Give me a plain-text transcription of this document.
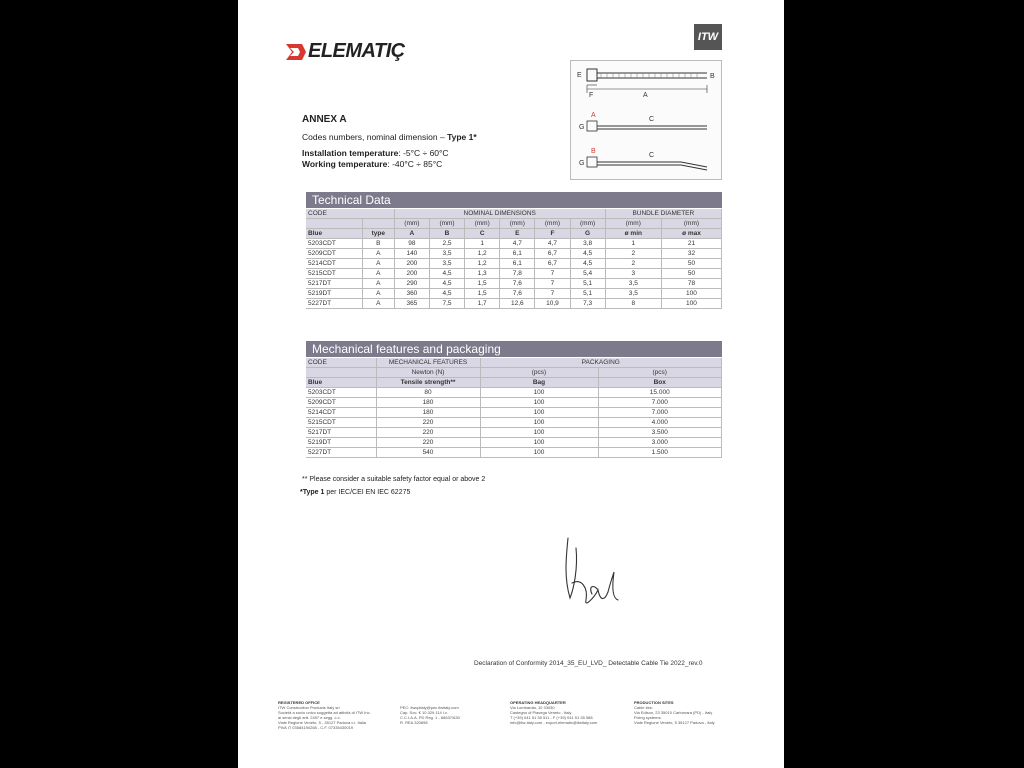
ELEMATIÇ
ITW
E	B
F	A
A
C
G
B
C
G
ANNEX A
Codes numbers, nominal dimension – Type 1*
Installation temperature: -5°C ÷ 60°C
Working temperature: -40°C ÷ 85°C
Technical Data
CODE		NOMINAL DIMENSIONS						BUNDLE DIAMETER	
		(mm)	(mm)	(mm)	(mm)	(mm)	(mm)	(mm)	(mm)
Blue	type	A	B	C	E	F	G	ø min	ø max
5203CDT	B	98	2,5	1	4,7	4,7	3,8	1	21
5209CDT	A	140	3,5	1,2	6,1	6,7	4,5	2	32
5214CDT	A	200	3,5	1,2	6,1	6,7	4,5	2	50
5215CDT	A	200	4,5	1,3	7,8	7	5,4	3	50
5217DT	A	290	4,5	1,5	7,6	7	5,1	3,5	78
5219DT	A	360	4,5	1,5	7,6	7	5,1	3,5	100
5227DT	A	365	7,5	1,7	12,6	10,9	7,3	8	100
Mechanical features and packaging
CODE	MECHANICAL FEATURES	PACKAGING	
	Newton (N)	(pcs)	(pcs)
Blue	Tensile strength**	Bag	Box
5203CDT	80	100	15.000
5209CDT	180	100	7.000
5214CDT	180	100	7.000
5215CDT	220	100	4.000
5217DT	220	100	3.500
5219DT	220	100	3.000
5227DT	540	100	1.500
** Please consider a suitable safety factor equal or above 2
*Type 1 per IEC/CEI EN IEC 62275
Declaration of Conformity 2014_35_EU_LVD_ Detectable Cable Tie 2022_rev.0
REGISTERED OFFICE
ITW Construction Products Italy srl
Società a socio unico soggetta ad attività di ITW Inc.
ai sensi degli artt. 2497 e segg. c.c.
Viale Regione Veneto, 5 - 35127 Padova c.i. Italia
PIVA IT 03584190268 - C.F. 07335430019
PEC: itwcpitaly@pec.itwitaly.com
Cap. Soc. € 10.329.114 i.v.
C.C.I.A.A. PD Reg. 1 - 86637/630
R. REA 320898
OPERATING HEADQUARTER
Via Lombardia, 10 33030
Castegno di Piavega Veneto - Italy
T (+39) 041 51 35 511 - F (+39) 041 51 35 588
info@itw-italy.com - export.elematic@itwitaly.com
PRODUCTION SITES
Cable ties:
Via Edison, 23 35010 Carbonara (PD) - Italy
Fixing systems:
Viale Regione Veneto, 5 35127 Padova - Italy
